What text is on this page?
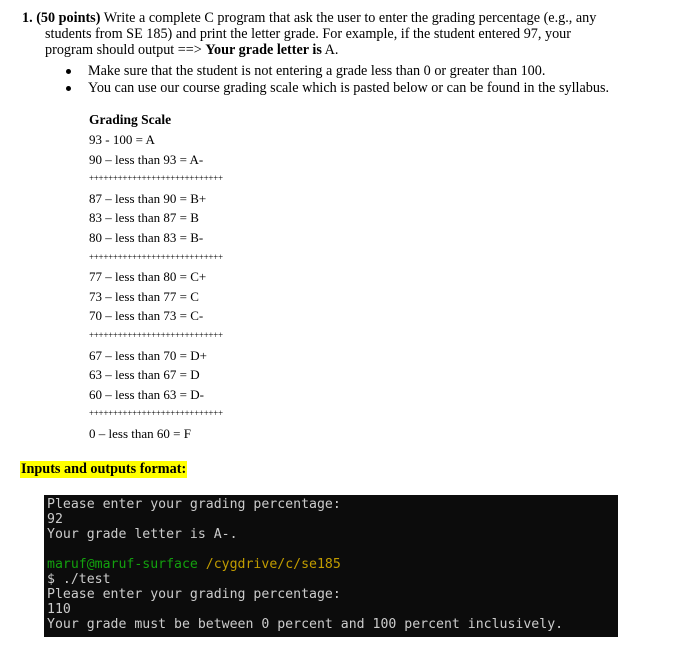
1. (50 points) Write a complete C program that ask the user to enter the grading percentage (e.g., any
students from SE 185) and print the letter grade. For example, if the student entered 97, your
program should output ==> Your grade letter is A.
Make sure that the student is not entering a grade less than 0 or greater than 100.
You can use our course grading scale which is pasted below or can be found in the syllabus.
Grading Scale
93 - 100 = A
90 – less than 93 = A-
++++++++++++++++++++++++++++
87 – less than 90 = B+
83 – less than 87 = B
80 – less than 83 = B-
++++++++++++++++++++++++++++
77 – less than 80 = C+
73 – less than 77 = C
70 – less than 73 = C-
++++++++++++++++++++++++++++
67 – less than 70 = D+
63 – less than 67 = D
60 – less than 63 = D-
++++++++++++++++++++++++++++
0 – less than 60 = F
Inputs and outputs format:
Please enter your grading percentage:
92
Your grade letter is A-.
maruf@maruf-surface /cygdrive/c/se185
$ ./test
Please enter your grading percentage:
110
Your grade must be between 0 percent and 100 percent inclusively.
